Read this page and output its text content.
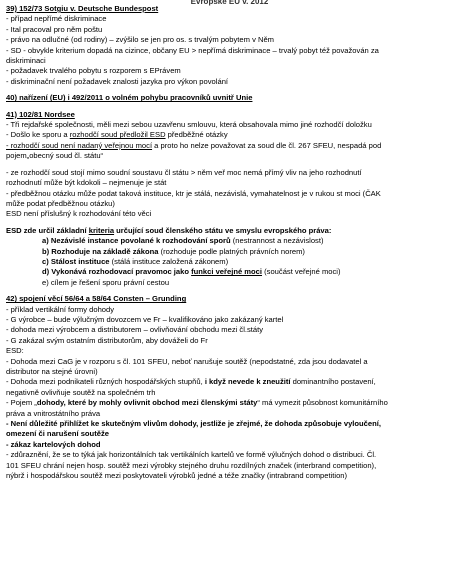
Evropské EU v. 2012
39) 152/73 Sotgiu v. Deutsche Bundespost
- případ nepřímé diskriminace
- Ital pracoval pro něm poštu
- právo na odlučné (od rodiny) – zvýšilo se jen pro os. s trvalým pobytem v Něm
- SD - obvykle kriterium dopadá na cizince, občany EU > nepřímá diskriminace – trvalý pobyt též považován za
diskriminaci
- požadavek trvalého pobytu s rozporem s EPrávem
- diskriminační není požadavek znalosti jazyka pro výkon povolání
40) nařízení (EU) i 492/2011 o volném pohybu pracovníků uvnitř Unie
41) 102/81 Nordsee
- Tři rejdařské společnosti, měli mezi sebou uzavřenu smlouvu, která obsahovala mimo jiné rozhodčí doložku
- Došlo ke sporu a rozhodčí soud předložil ESD předběžné otázky
- rozhodčí soud není nadaný veřejnou mocí a proto ho nelze považovat za soud dle čl. 267 SFEU, nespadá pod
pojem„obecný soud čl. státu“
- ze rozhodčí soud stojí mimo soudní soustavu čl státu > něm veř moc nemá přímý vliv na jeho rozhodnutí
rozhodnutí může být kdokoli – nejmenuje je stát
- předběžnou otázku může podat taková instituce, ktr je stálá, nezávislá, vymahatelnost je v rukou st moci (ČAK
může podat předběžnou otázku)
ESD není příslušný k rozhodování této věci
ESD zde určil základní kriteria určující soud členského státu ve smyslu evropského práva:
a) Nezávislé instance povolané k rozhodování sporů (nestrannost a nezávislost)
b) Rozhoduje na základě zákona (rozhoduje podle platných právních norem)
c) Stálost instituce (stálá instituce založená zákonem)
d) Vykonává rozhodovací pravomoc jako funkci veřejné moci (součást veřejné moci)
e) cílem je řešení sporu právní cestou
42) spojení věcí 56/64 a 58/64 Consten – Grunding
- příklad vertikální formy dohody
- G výrobce – bude výlučným dovozcem ve Fr – kvalifikováno jako zakázaný kartel
- dohoda mezi výrobcem a distributorem – ovlivňování obchodu mezi čl.státy
- G zakázal svým ostatním distributorům, aby dováželi do Fr
ESD:
- Dohoda mezi CaG je v rozporu s čl. 101 SFEU, neboť narušuje soutěž (nepodstatné, zda jsou dodavatel a
distributor na stejné úrovni)
- Dohoda mezi podnikateli různých hospodářských stupňů, i když nevede k zneužití dominantního postavení,
negativně ovlivňuje soutěž na společném trh
- Pojem „dohody, které by mohly ovlivnit obchod mezi členskými státy“ má vymezit působnost komunitárního
práva a vnitrostátního práva
- Není důležité přihlížet ke skutečným vlivům dohody, jestliže je zřejmé, že dohoda způsobuje vyloučení,
omezení či narušení soutěže
- zákaz kartelových dohod
- zdůraznění, že se to týká jak horizontálních tak vertikálních kartelů ve formě výlučných dohod o distribuci. Čl.
101 SFEU chrání nejen hosp. soutěž mezi výrobky stejného druhu rozdílných značek (interbrand competition),
nýbrž i hospodářskou soutěž mezi poskytovateli výrobků jedné a téže značky (intrabrand competition)
